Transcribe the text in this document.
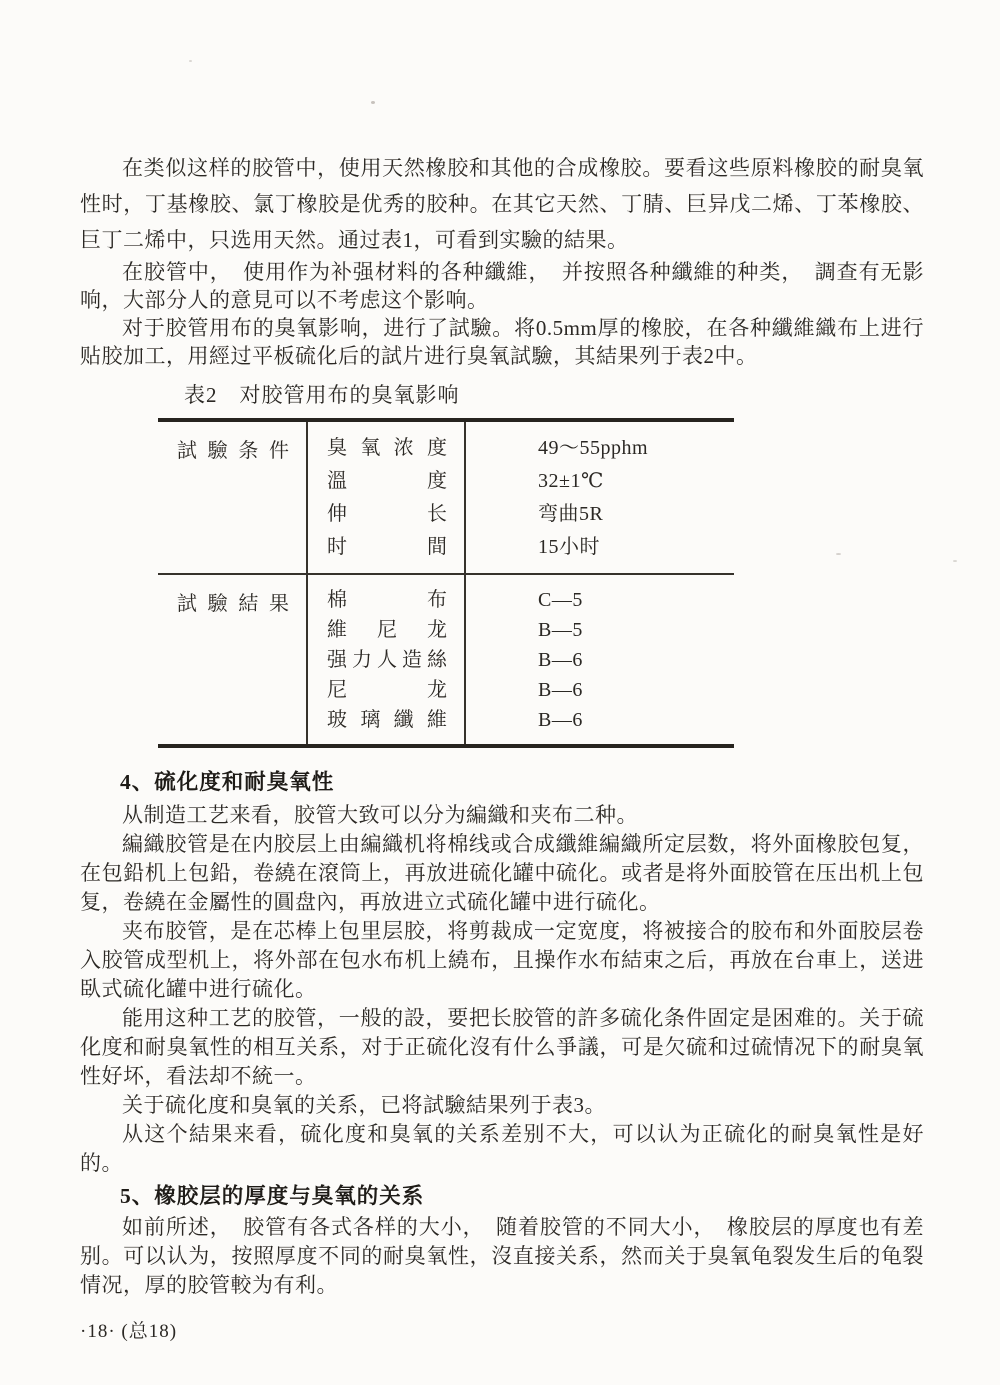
在类似这样的胶管中，使用天然橡胶和其他的合成橡胶。要看这些原料橡胶的耐臭氧性时，丁基橡胶、氯丁橡胶是优秀的胶种。在其它天然、丁腈、巨异戊二烯、丁苯橡胶、巨丁二烯中，只选用天然。通过表1，可看到实驗的結果。

在胶管中，　使用作为补强材料的各种纖維，　并按照各种纖維的种类，　調查有无影响，大部分人的意見可以不考虑这个影响。

对于胶管用布的臭氧影响，进行了試驗。将0.5mm厚的橡胶，在各种纖維織布上进行贴胶加工，用經过平板硫化后的試片进行臭氧試驗，其結果列于表2中。

表2　对胶管用布的臭氧影响
試驗条件 臭氧浓度
溫度
伸长
时間
49～55pphm
32±1℃
弯曲5R
15小时
試驗結果 棉布
維尼龙
强力人造絲
尼龙
玻璃纖維
C—5
B—5
B—6
B—6
B—6
4、硫化度和耐臭氧性

从制造工艺来看，胶管大致可以分为編織和夹布二种。

編織胶管是在内胶层上由編織机将棉线或合成纖維編織所定层数，将外面橡胶包复，在包鉛机上包鉛，卷繞在滾筒上，再放进硫化罐中硫化。或者是将外面胶管在压出机上包复，卷繞在金屬性的圓盘內，再放进立式硫化罐中进行硫化。

夹布胶管，是在芯棒上包里层胶，将剪裁成一定宽度，将被接合的胶布和外面胶层卷入胶管成型机上，将外部在包水布机上繞布，且操作水布結束之后，再放在台車上，送进臥式硫化罐中进行硫化。

能用这种工艺的胶管，一般的設，要把长胶管的許多硫化条件固定是困难的。关于硫化度和耐臭氧性的相互关系，对于正硫化沒有什么爭議，可是欠硫和过硫情况下的耐臭氧性好坏，看法却不統一。

关于硫化度和臭氧的关系，已将試驗結果列于表3。

从这个結果来看，硫化度和臭氧的关系差别不大，可以认为正硫化的耐臭氧性是好的。

5、橡胶层的厚度与臭氧的关系

如前所述，　胶管有各式各样的大小，　随着胶管的不同大小，　橡胶层的厚度也有差别。可以认为，按照厚度不同的耐臭氧性，沒直接关系，然而关于臭氧龟裂发生后的龟裂情况，厚的胶管較为有利。

·18· (总18)
